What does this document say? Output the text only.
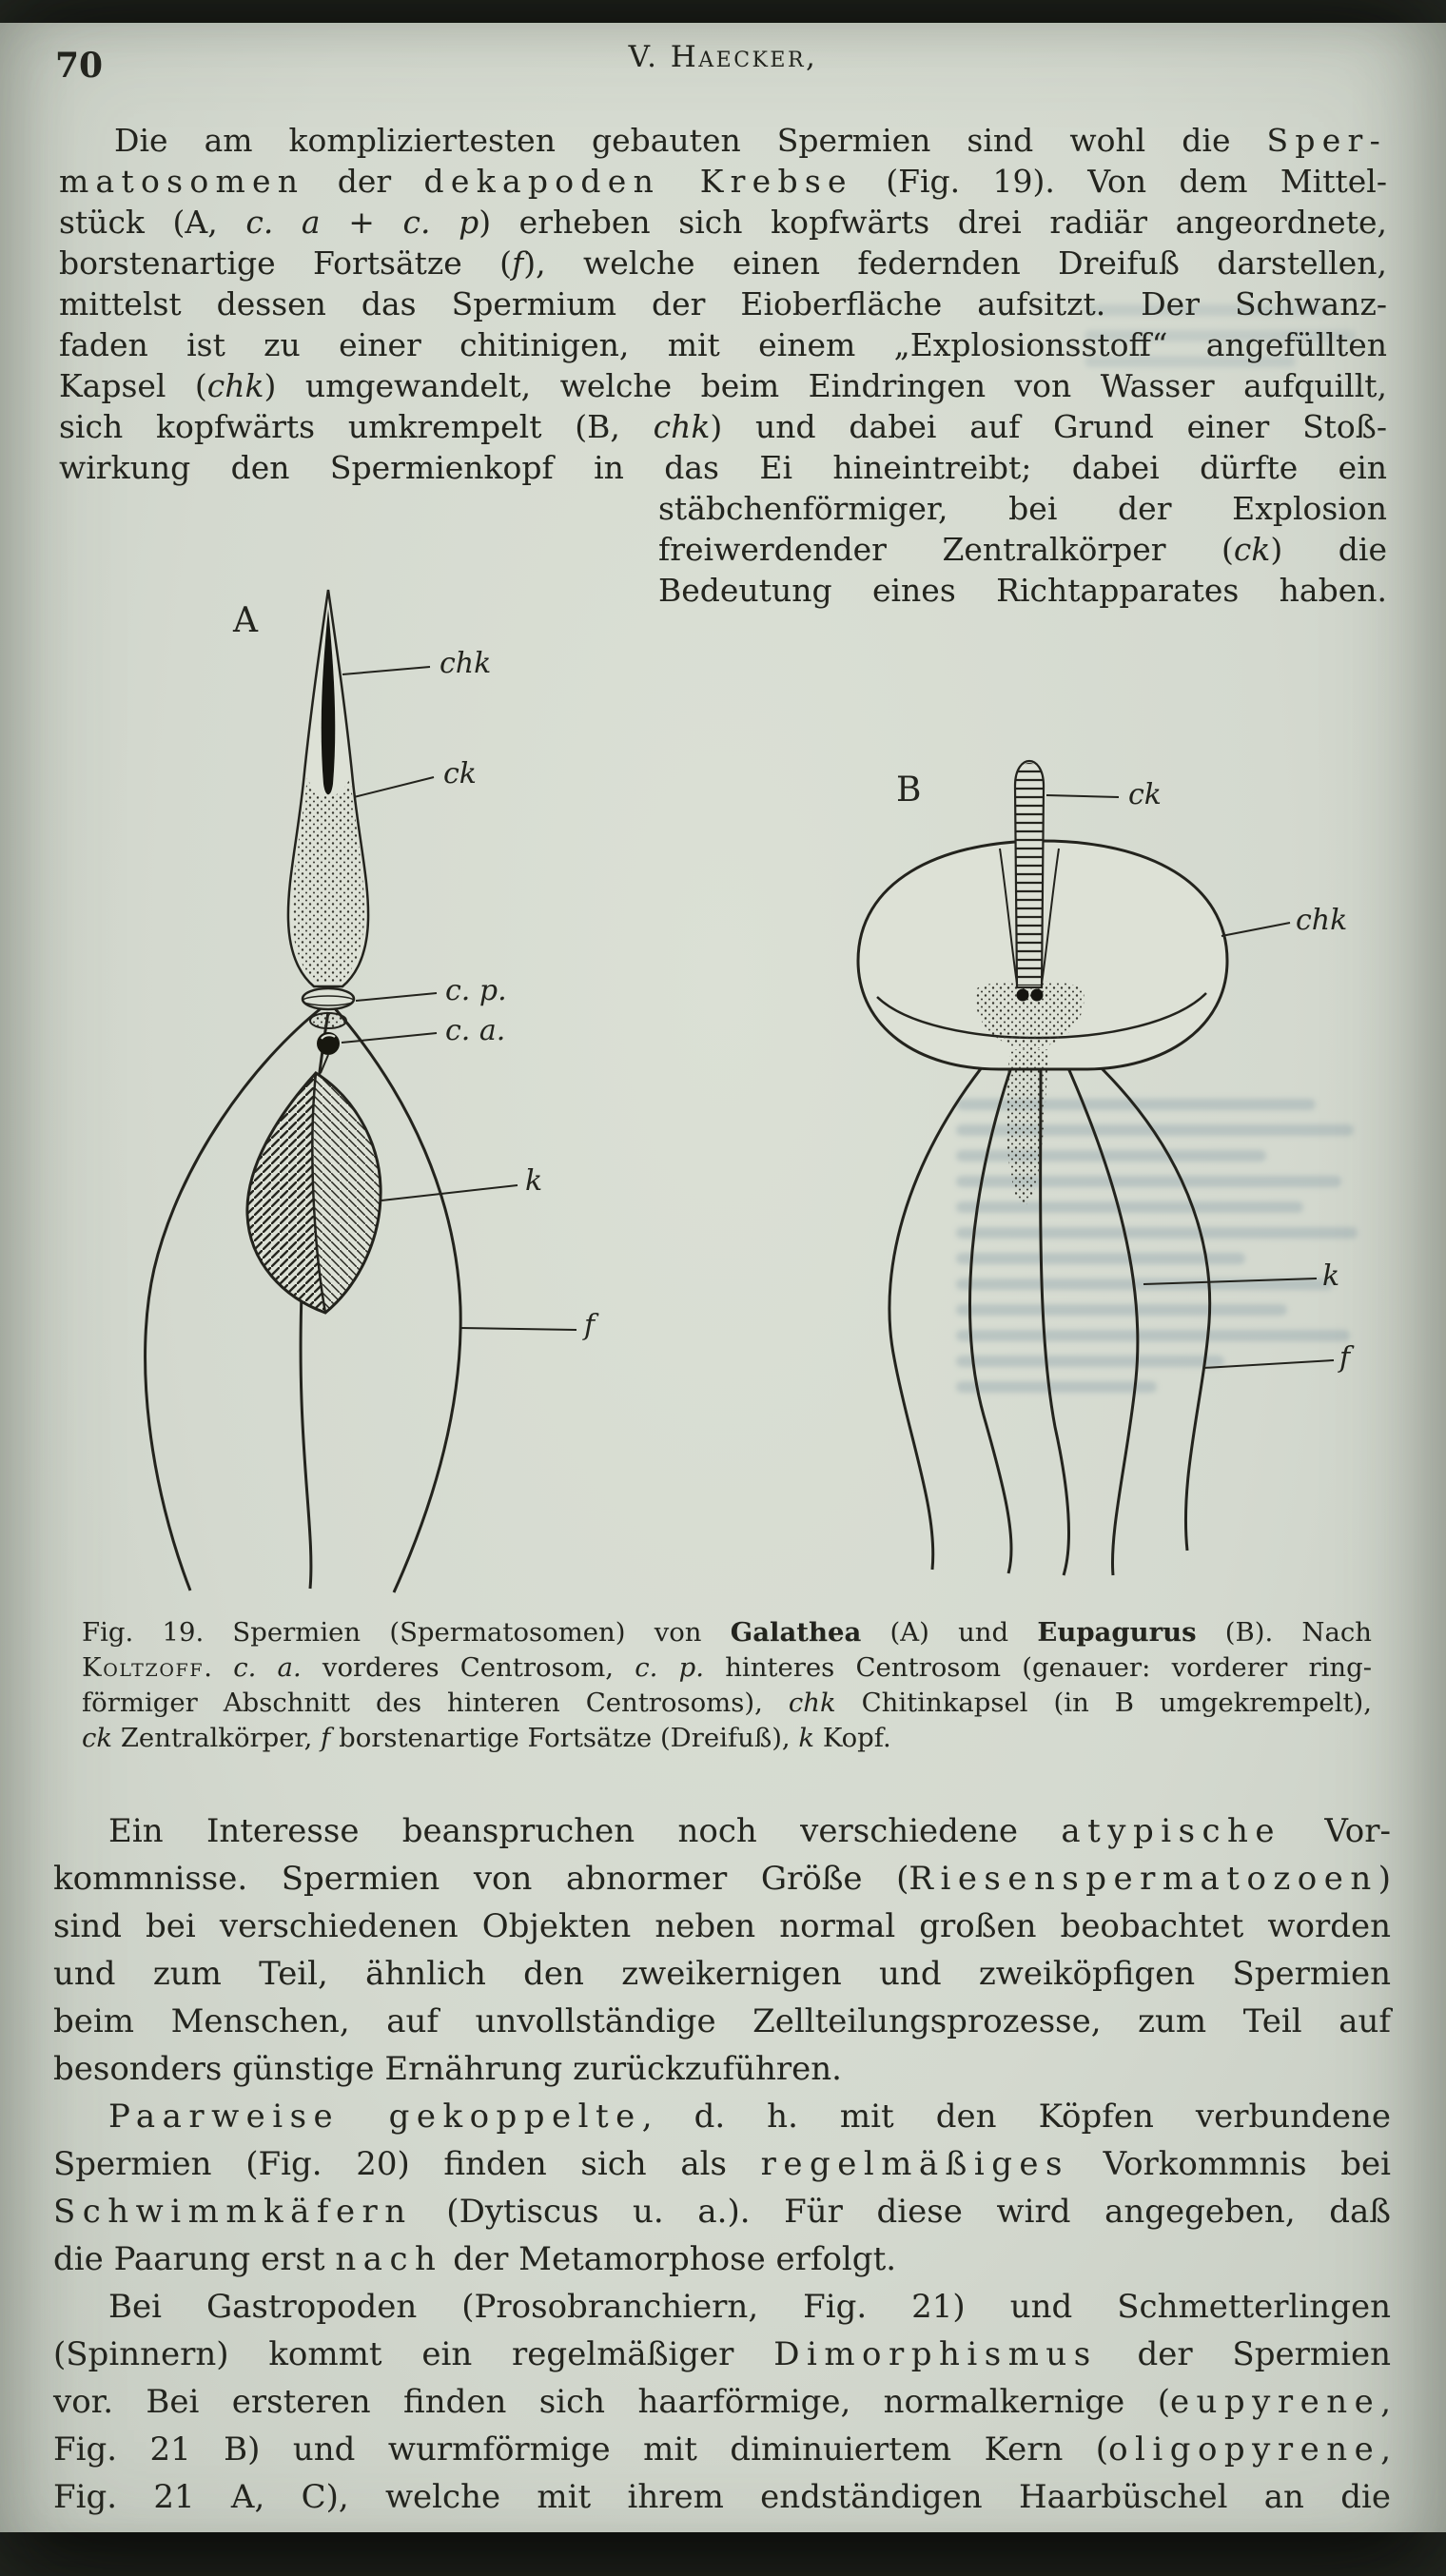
70	V. Haecker,
Die am kompliziertesten gebauten Spermien sind wohl die Sper-
matosomen der dekapoden Krebse (Fig. 19). Von dem Mittel-
stück (A, c. a + c. p) erheben sich kopfwärts drei radiär angeordnete,
borstenartige Fortsätze (f), welche einen federnden Dreifuß darstellen,
mittelst dessen das Spermium der Eioberfläche aufsitzt. Der Schwanz-
faden ist zu einer chitinigen, mit einem „Explosionsstoff“ angefüllten
Kapsel (chk) umgewandelt, welche beim Eindringen von Wasser aufquillt,
sich kopfwärts umkrempelt (B, chk) und dabei auf Grund einer Stoß-
wirkung den Spermienkopf in das Ei hineintreibt; dabei dürfte ein
stäbchenförmiger, bei der Explosion
freiwerdender Zentralkörper (ck) die
Bedeutung eines Richtapparates haben.
A
chk
ck
c. p.
c. a.
k
f
B	ck
chk
k
f
Fig. 19. Spermien (Spermatosomen) von Galathea (A) und Eupagurus (B). Nach
Koltzoff. c. a. vorderes Centrosom, c. p. hinteres Centrosom (genauer: vorderer ring-
förmiger Abschnitt des hinteren Centrosoms), chk Chitinkapsel (in B umgekrempelt),
ck Zentralkörper, f borstenartige Fortsätze (Dreifuß), k Kopf.
Ein Interesse beanspruchen noch verschiedene atypische Vor-
kommnisse. Spermien von abnormer Größe (Riesenspermatozoen)
sind bei verschiedenen Objekten neben normal großen beobachtet worden
und zum Teil, ähnlich den zweikernigen und zweiköpfigen Spermien
beim Menschen, auf unvollständige Zellteilungsprozesse, zum Teil auf
besonders günstige Ernährung zurückzuführen.
Paarweise gekoppelte, d. h. mit den Köpfen verbundene
Spermien (Fig. 20) finden sich als regelmäßiges Vorkommnis bei
Schwimmkäfern (Dytiscus u. a.). Für diese wird angegeben, daß
die Paarung erst nach der Metamorphose erfolgt.
Bei Gastropoden (Prosobranchiern, Fig. 21) und Schmetterlingen
(Spinnern) kommt ein regelmäßiger Dimorphismus der Spermien
vor. Bei ersteren finden sich haarförmige, normalkernige (eupyrene,
Fig. 21 B) und wurmförmige mit diminuiertem Kern (oligopyrene,
Fig. 21 A, C), welche mit ihrem endständigen Haarbüschel an die
